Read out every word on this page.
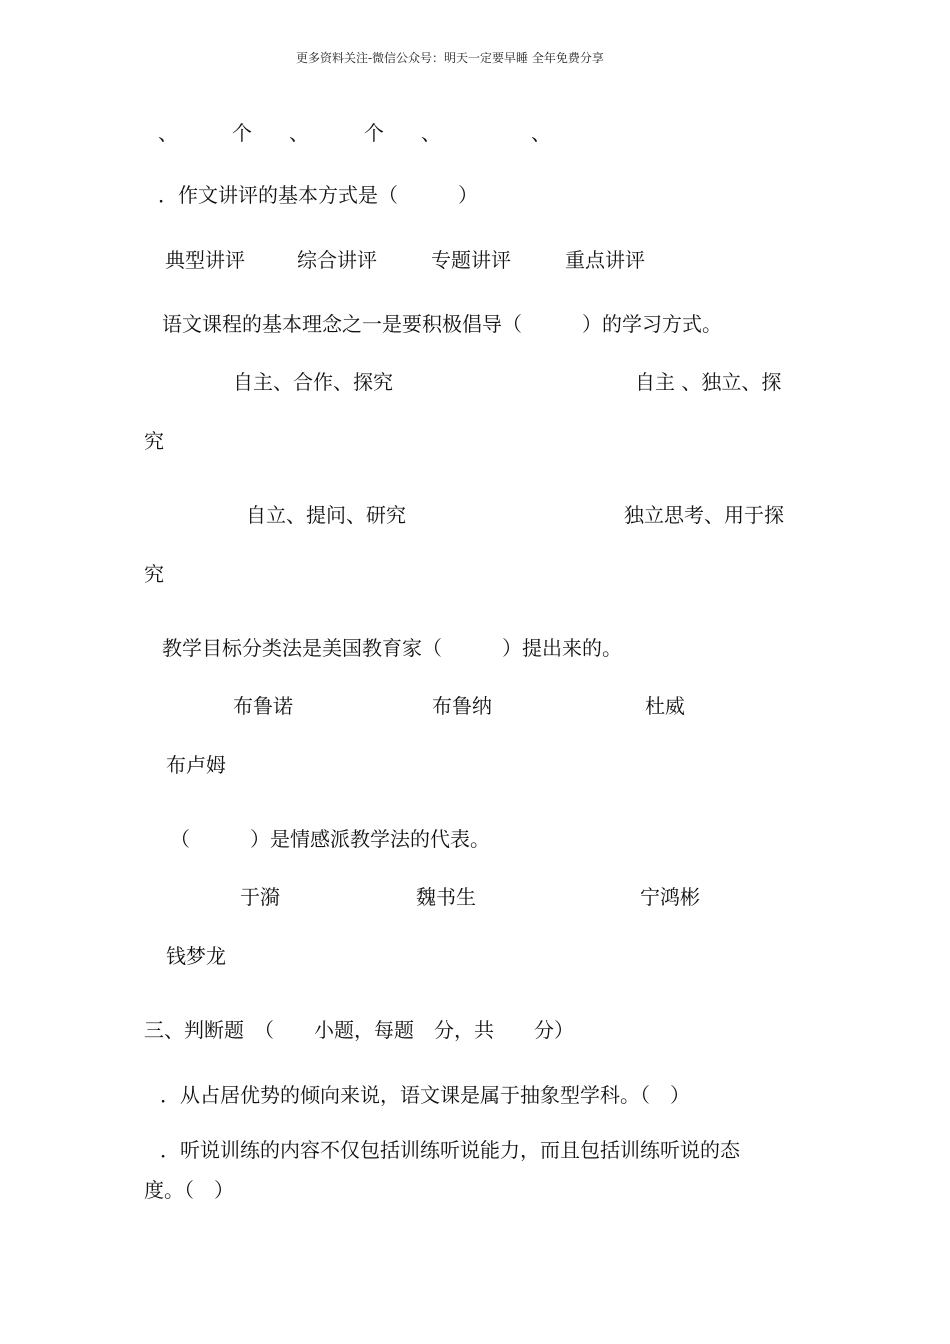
更多资料关注-微信公众号：明天一定要早睡 全年免费分享
、	个 、	个 、	、
．作文讲评的基本方式是（　　　）
典型讲评	综合讲评	专题讲评	重点讲评
语文课程的基本理念之一是要积极倡导（　　　）的学习方式。
自主、合作、探究	自主 、独立、探
究
自立、提问、研究	独立思考、用于探
究
教学目标分类法是美国教育家（　　　）提出来的。
布鲁诺	布鲁纳	杜威
布卢姆
（　　　）是情感派教学法的代表。
于漪	魏书生	宁鸿彬
钱梦龙
三、判断题　（　　小题，每题　分，共　　分）
．从占居优势的倾向来说，语文课是属于抽象型学科。（　）
．听说训练的内容不仅包括训练听说能力，而且包括训练听说的态
度。（　）
